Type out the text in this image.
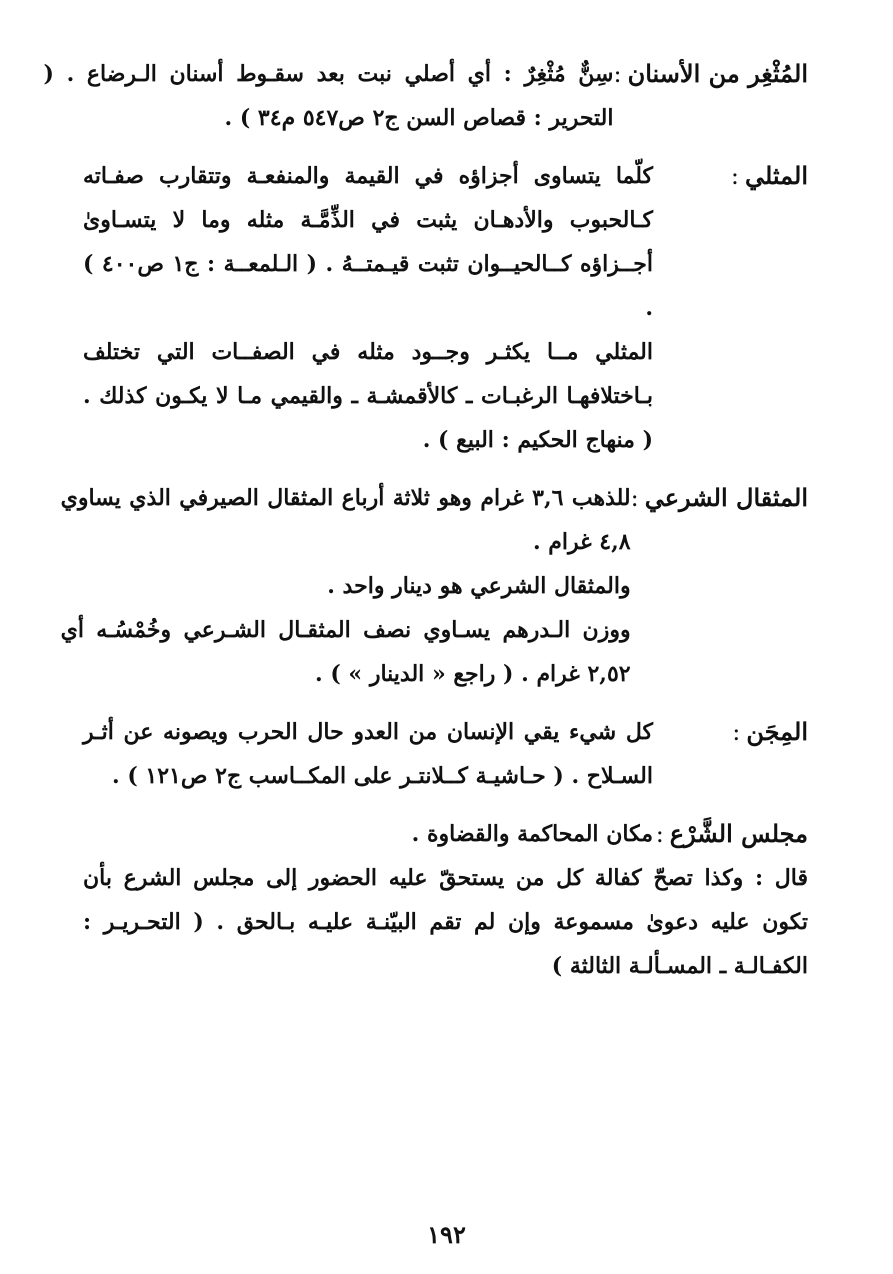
المُثْغِر من الأسنان:

سِنٌّ مُثْغِرٌ : أي أصلي نبت بعد سقـوط أسنان الـرضاع . ( التحرير : قصاص السن ج٢ ص٥٤٧ م٣٤ ) .

المثلي:

كلّما يتساوى أجزاؤه في القيمة والمنفعـة وتتقارب صفـاته كـالحبوب والأدهـان يثبت في الذِّمَّـة مثله وما لا يتسـاوىٰ أجــزاؤه كــالحيــوان تثبت قيـمتــهُ . ( الـلمعــة : ج١ ص٤٠٠ ) .

المثلي مــا يكثـر وجــود مثله في الصفــات التي تختلف بـاختلافهـا الرغبـات ـ كالأقمشـة ـ والقيمي مـا لا يكـون كذلك . ( منهاج الحكيم : البيع ) .

المثقال الشرعي:

للذهب ٣,٦ غرام وهو ثلاثة أرباع المثقال الصيرفي الذي يساوي ٤,٨ غرام .

والمثقال الشرعي هو دينار واحد .

ووزن الـدرهم يسـاوي نصف المثقـال الشـرعي وخُمْسُـه أي ٢,٥٢ غرام . ( راجع « الدينار » ) .

المِجَن:

كل شيء يقي الإنسان من العدو حال الحرب ويصونه عن أثـر السـلاح . ( حـاشيـة كــلانتـر على المكــاسب ج٢ ص١٢١ ) .

مجلس الشَّرْع:

مكان المحاكمة والقضاوة .

قال : وكذا تصحّ كفالة كل من يستحقّ عليه الحضور إلى مجلس الشرع بأن تكون عليه دعوىٰ مسموعة وإن لم تقم البيّنـة عليـه بـالحق . ( التحـريـر : الكفـالـة ـ المسـألـة الثالثة )

١٩٢
